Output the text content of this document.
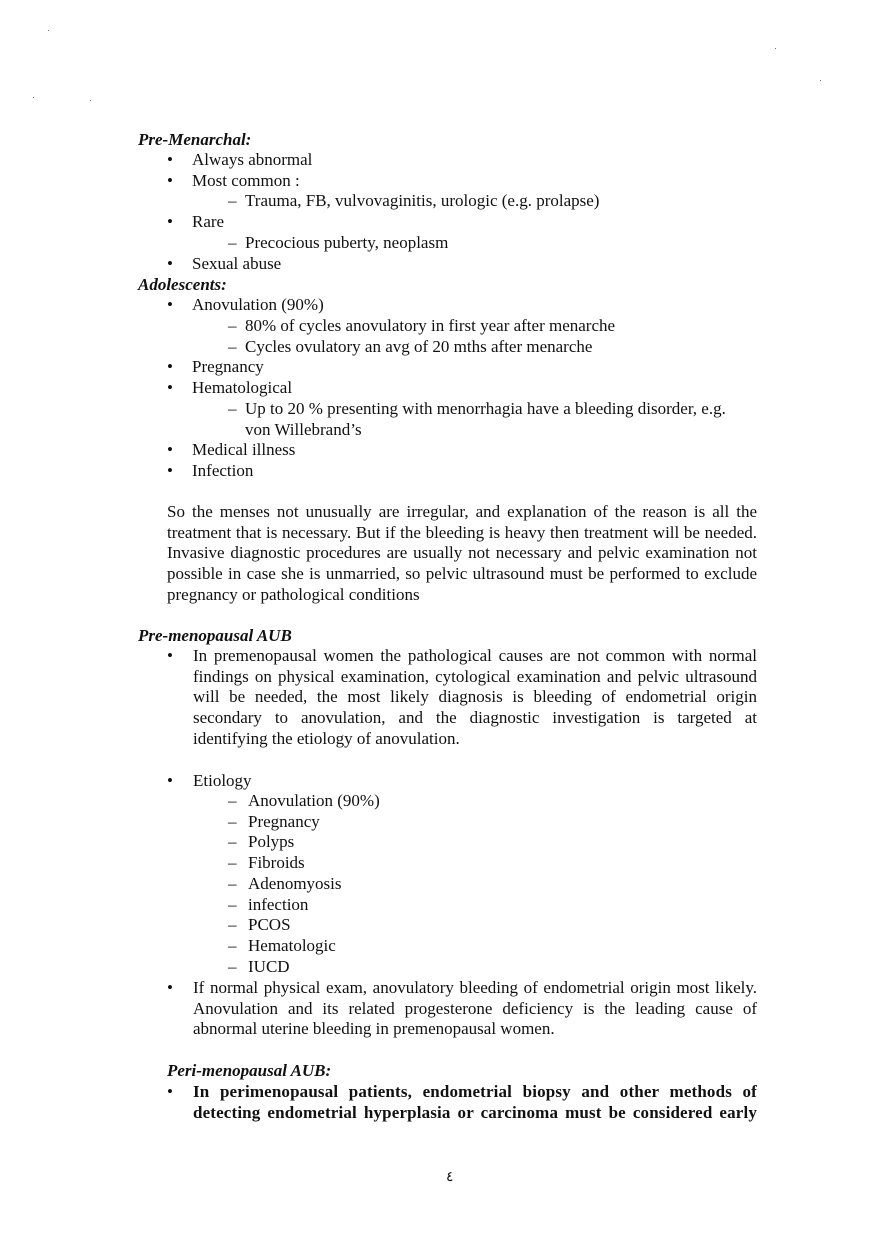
Pre-Menarchal:
•
Always abnormal
•
Most common :
–
Trauma, FB, vulvovaginitis, urologic (e.g. prolapse)
•
Rare
–
Precocious puberty, neoplasm
•
Sexual abuse
Adolescents:
•
Anovulation (90%)
–
80% of cycles anovulatory in first year after menarche
–
Cycles ovulatory an avg of 20 mths after menarche
•
Pregnancy
•
Hematological
–
Up to 20 % presenting with menorrhagia have a bleeding disorder, e.g.
von Willebrand’s
•
Medical illness
•
Infection
So the menses not unusually are irregular, and explanation of the reason is all the treatment that is necessary. But if the bleeding is heavy then treatment will be needed. Invasive diagnostic procedures are usually not necessary and pelvic examination not possible in case she is unmarried, so pelvic ultrasound must be performed to exclude pregnancy or pathological conditions
Pre-menopausal AUB
•
In premenopausal women the pathological causes are not common with normal findings on physical examination, cytological examination and pelvic ultrasound will be needed, the most likely diagnosis is bleeding of endometrial origin secondary to anovulation, and the diagnostic investigation is targeted at identifying the etiology of anovulation.
•
Etiology
–
Anovulation (90%)
–
Pregnancy
–
Polyps
–
Fibroids
–
Adenomyosis
–
infection
–
PCOS
–
Hematologic
–
IUCD
•
If normal physical exam, anovulatory bleeding of endometrial origin most likely. Anovulation and its related progesterone deficiency is the leading cause of abnormal uterine bleeding in premenopausal women.
Peri-menopausal AUB:
•
In perimenopausal patients, endometrial biopsy and other methods of detecting endometrial hyperplasia or carcinoma must be considered early
٤
